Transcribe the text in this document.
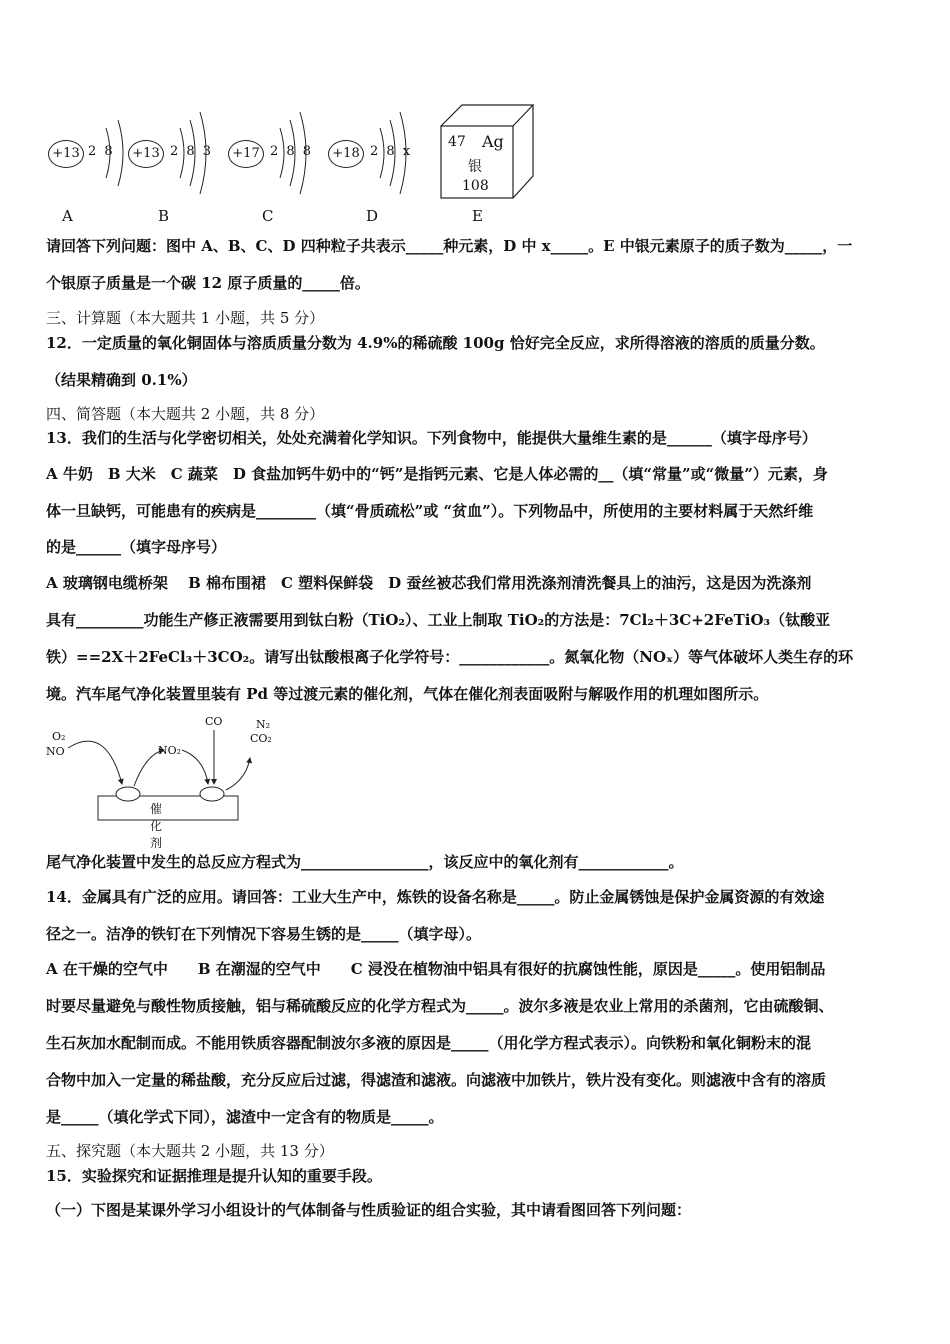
+13 2 8	+13 2 8 3	+17 2 8 8	+18 2 8 x
47 Ag
银
108
A	B	C	D	E
请回答下列问题：图中 A、B、C、D 四种粒子共表示_____种元素，D 中 x_____。E 中银元素原子的质子数为_____，一
个银原子质量是一个碳 12 原子质量的_____倍。
三、计算题（本大题共 1 小题，共 5 分）
12．一定质量的氧化铜固体与溶质质量分数为 4.9%的稀硫酸 100g 恰好完全反应，求所得溶液的溶质的质量分数。
（结果精确到 0.1%）
四、简答题（本大题共 2 小题，共 8 分）
13．我们的生活与化学密切相关，处处充满着化学知识。下列食物中，能提供大量维生素的是______（填字母序号）
A 牛奶　B 大米　C 蔬菜　D 食盐加钙牛奶中的“钙”是指钙元素、它是人体必需的__（填“常量”或“微量”）元素，身
体一旦缺钙，可能患有的疾病是________（填“骨质疏松”或 “贫血”）。下列物品中，所使用的主要材料属于天然纤维
的是______（填字母序号）
A 玻璃钢电缆桥架　 B 棉布围裙　C 塑料保鲜袋　D 蚕丝被芯我们常用洗涤剂清洗餐具上的油污，这是因为洗涤剂
具有_________功能生产修正液需要用到钛白粉（TiO₂）、工业上制取 TiO₂的方法是：7Cl₂＋3C+2FeTiO₃（钛酸亚
铁）==2X＋2FeCl₃＋3CO₂。请写出钛酸根离子化学符号：____________。氮氧化物（NOₓ）等气体破坏人类生存的环
境。汽车尾气净化装置里装有 Pd 等过渡元素的催化剂，气体在催化剂表面吸附与解吸作用的机理如图所示。
O₂
NO	NO₂
CO	N₂
CO₂
催化剂
尾气净化装置中发生的总反应方程式为_________________，该反应中的氧化剂有____________。
14．金属具有广泛的应用。请回答：工业大生产中，炼铁的设备名称是_____。防止金属锈蚀是保护金属资源的有效途
径之一。洁净的铁钉在下列情况下容易生锈的是_____（填字母）。
A 在干燥的空气中　　B 在潮湿的空气中　　C 浸没在植物油中铝具有很好的抗腐蚀性能，原因是_____。使用铝制品
时要尽量避免与酸性物质接触，铝与稀硫酸反应的化学方程式为_____。波尔多液是农业上常用的杀菌剂，它由硫酸铜、
生石灰加水配制而成。不能用铁质容器配制波尔多液的原因是_____（用化学方程式表示）。向铁粉和氧化铜粉末的混
合物中加入一定量的稀盐酸，充分反应后过滤，得滤渣和滤液。向滤液中加铁片，铁片没有变化。则滤液中含有的溶质
是_____（填化学式下同），滤渣中一定含有的物质是_____。
五、探究题（本大题共 2 小题，共 13 分）
15．实验探究和证据推理是提升认知的重要手段。
（一）下图是某课外学习小组设计的气体制备与性质验证的组合实验，其中请看图回答下列问题：
